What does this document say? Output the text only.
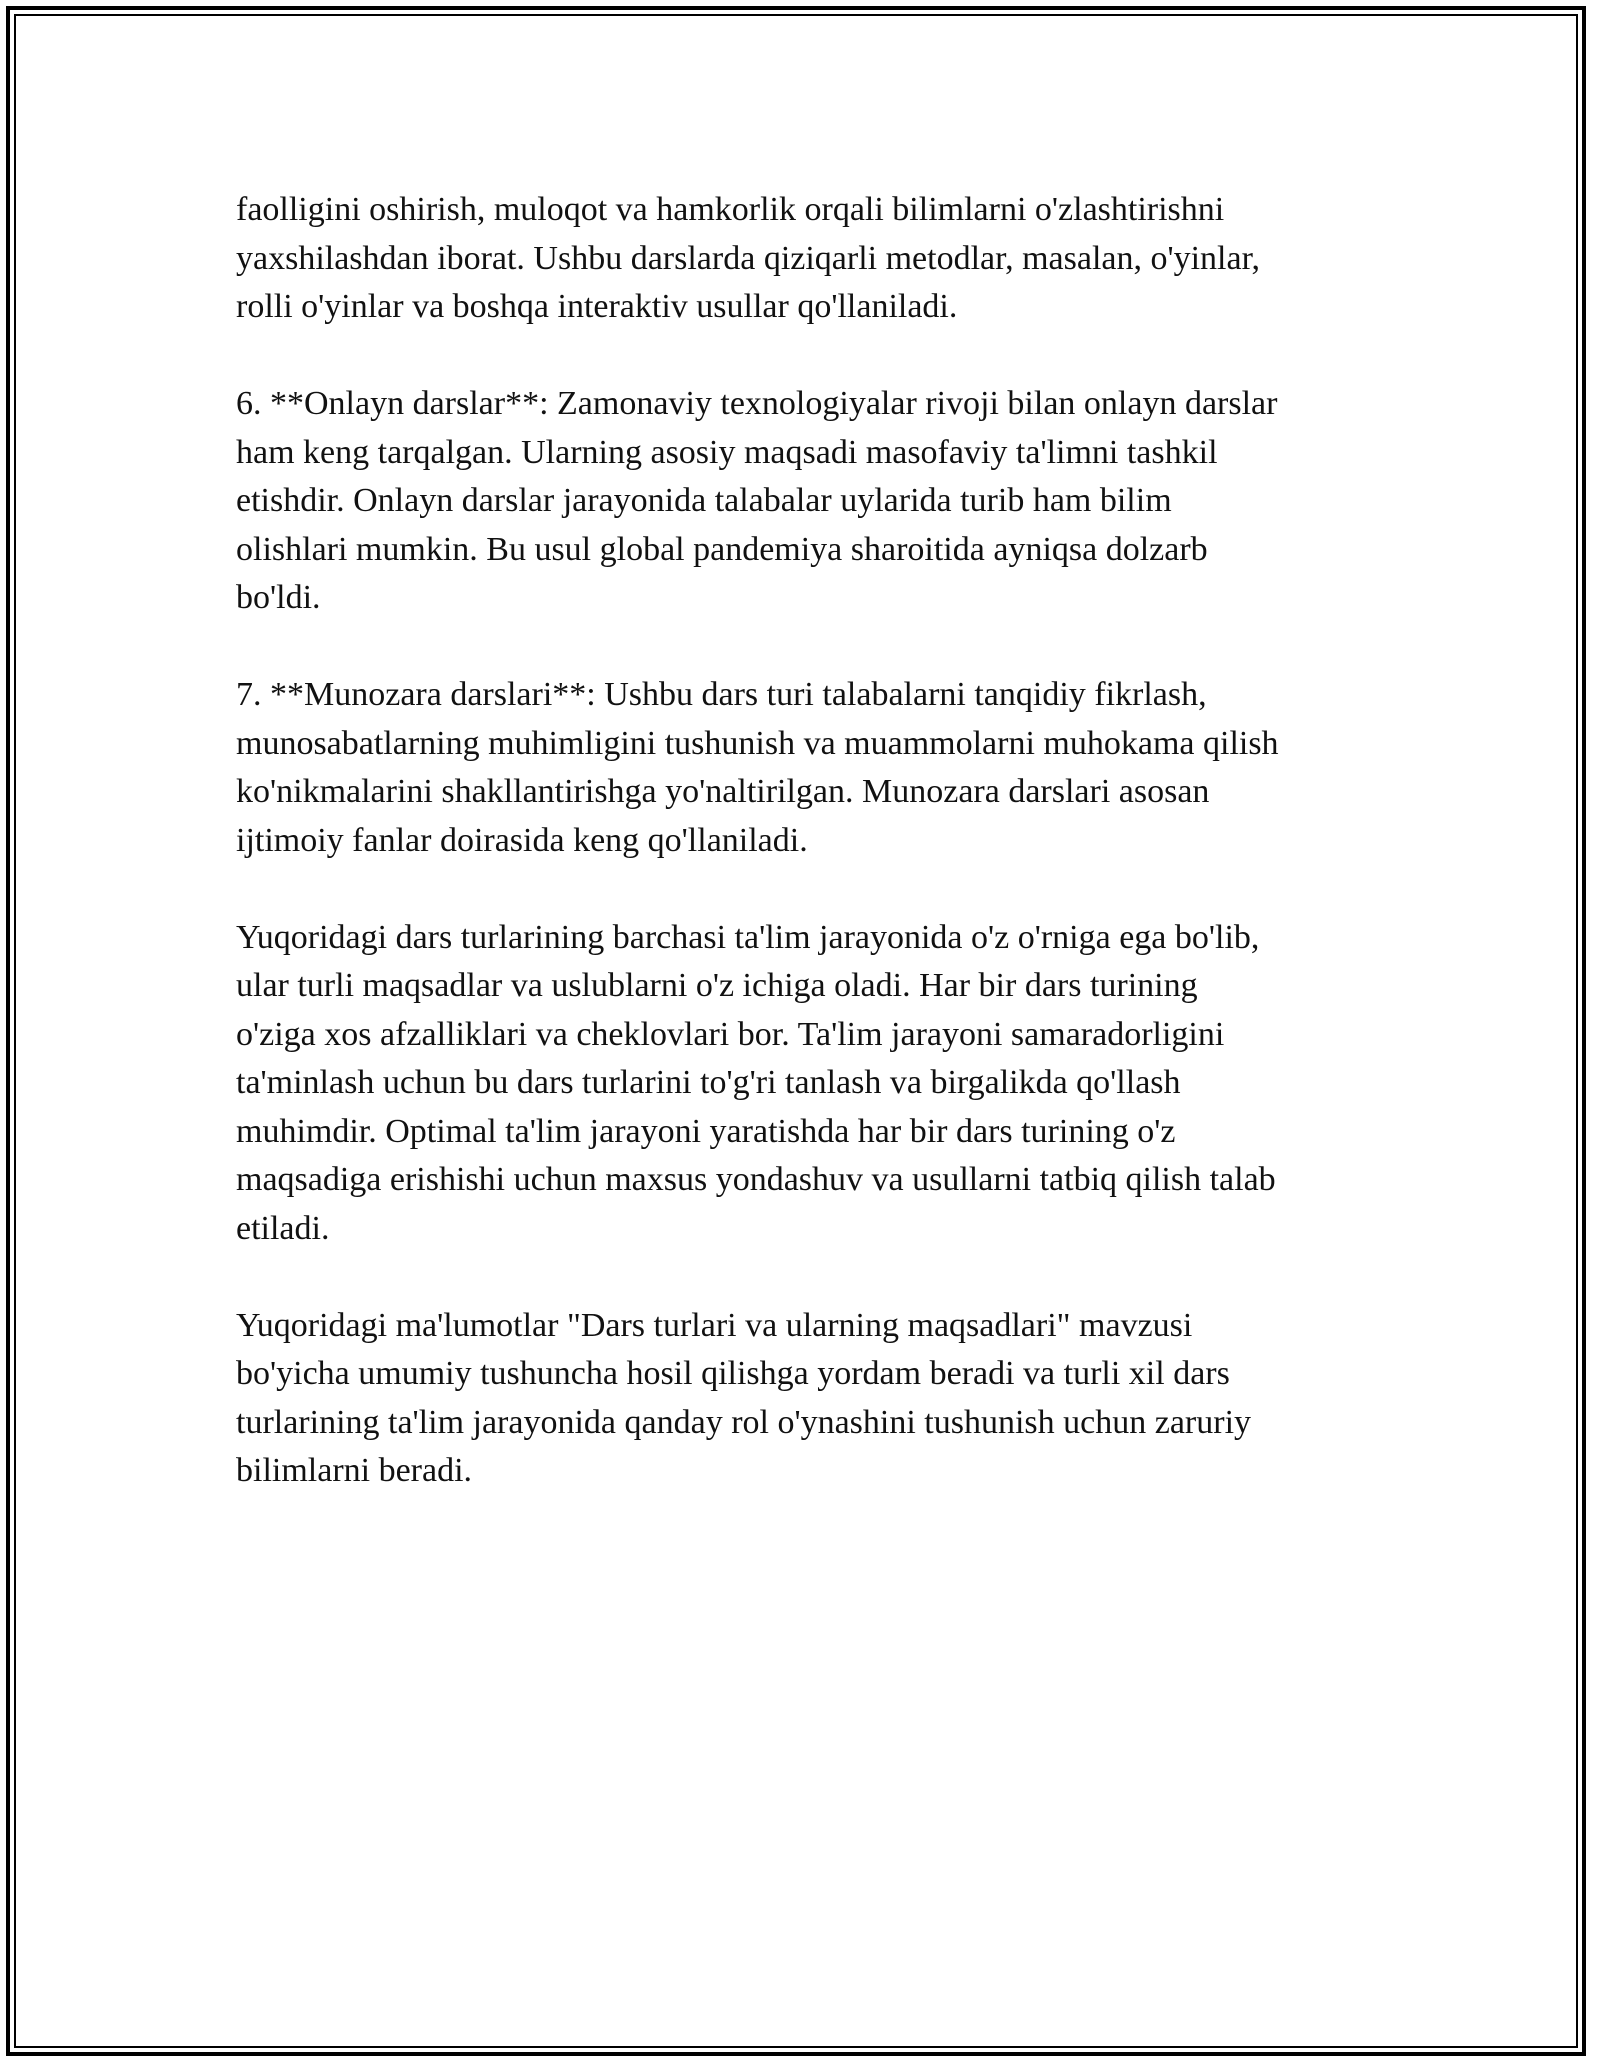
faolligini oshirish, muloqot va hamkorlik orqali bilimlarni o'zlashtirishni
yaxshilashdan iborat. Ushbu darslarda qiziqarli metodlar, masalan, o'yinlar,
rolli o'yinlar va boshqa interaktiv usullar qo'llaniladi.

6. **Onlayn darslar**: Zamonaviy texnologiyalar rivoji bilan onlayn darslar
ham keng tarqalgan. Ularning asosiy maqsadi masofaviy ta'limni tashkil
etishdir. Onlayn darslar jarayonida talabalar uylarida turib ham bilim
olishlari mumkin. Bu usul global pandemiya sharoitida ayniqsa dolzarb
bo'ldi.

7. **Munozara darslari**: Ushbu dars turi talabalarni tanqidiy fikrlash,
munosabatlarning muhimligini tushunish va muammolarni muhokama qilish
ko'nikmalarini shakllantirishga yo'naltirilgan. Munozara darslari asosan
ijtimoiy fanlar doirasida keng qo'llaniladi.

Yuqoridagi dars turlarining barchasi ta'lim jarayonida o'z o'rniga ega bo'lib,
ular turli maqsadlar va uslublarni o'z ichiga oladi. Har bir dars turining
o'ziga xos afzalliklari va cheklovlari bor. Ta'lim jarayoni samaradorligini
ta'minlash uchun bu dars turlarini to'g'ri tanlash va birgalikda qo'llash
muhimdir. Optimal ta'lim jarayoni yaratishda har bir dars turining o'z
maqsadiga erishishi uchun maxsus yondashuv va usullarni tatbiq qilish talab
etiladi.

Yuqoridagi ma'lumotlar "Dars turlari va ularning maqsadlari" mavzusi
bo'yicha umumiy tushuncha hosil qilishga yordam beradi va turli xil dars
turlarining ta'lim jarayonida qanday rol o'ynashini tushunish uchun zaruriy
bilimlarni beradi.
